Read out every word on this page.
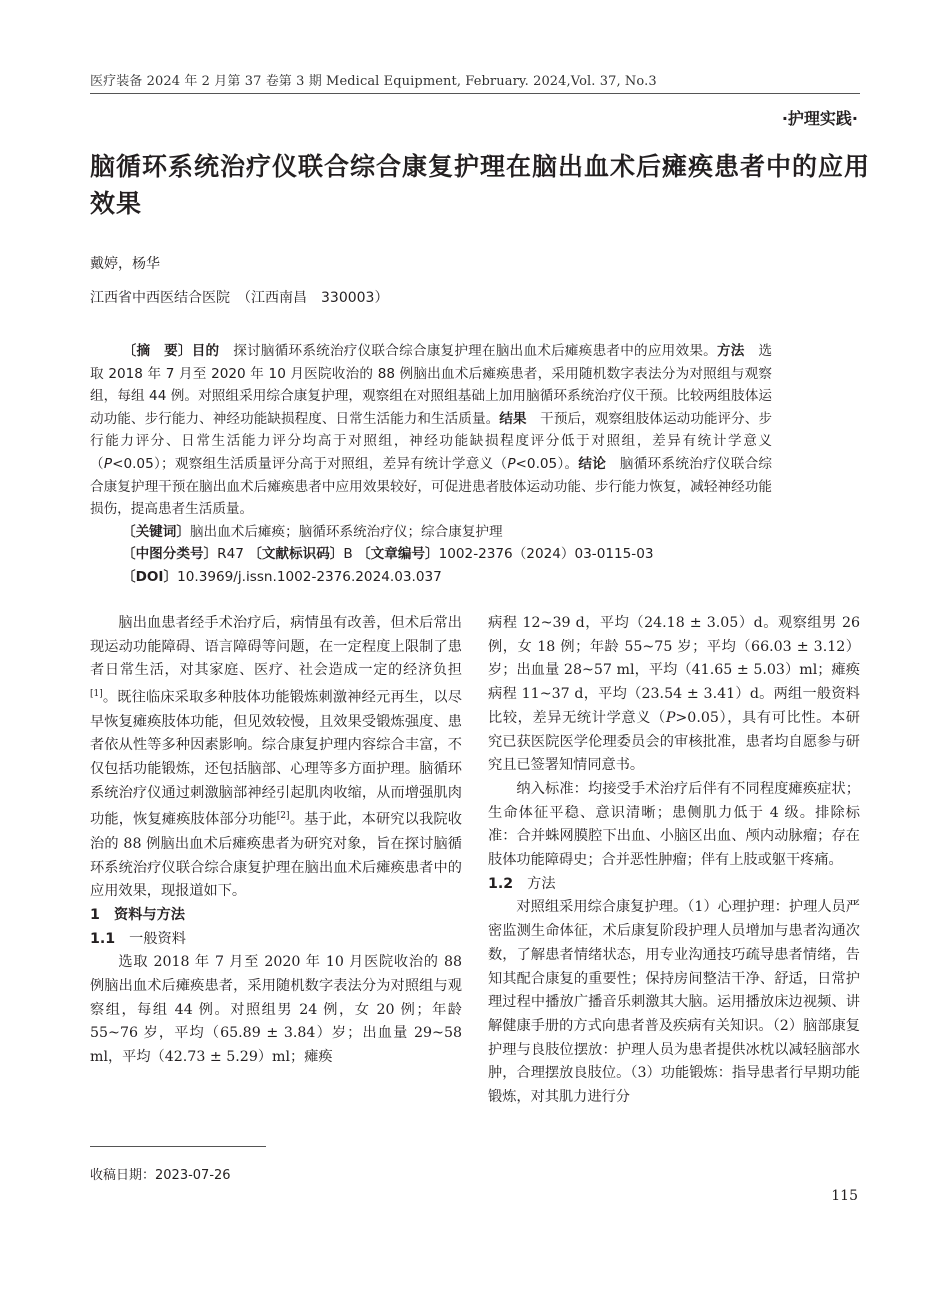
医疗装备 2024 年 2 月第 37 卷第 3 期 Medical Equipment, February. 2024,Vol. 37, No.3
·护理实践·
脑循环系统治疗仪联合综合康复护理在脑出血术后瘫痪患者中的应用效果
戴婷，杨华
江西省中西医结合医院　（江西南昌　330003）

〔摘　要〕目的　探讨脑循环系统治疗仪联合综合康复护理在脑出血术后瘫痪患者中的应用效果。方法　选取 2018 年 7 月至 2020 年 10 月医院收治的 88 例脑出血术后瘫痪患者，采用随机数字表法分为对照组与观察组，每组 44 例。对照组采用综合康复护理，观察组在对照组基础上加用脑循环系统治疗仪干预。比较两组肢体运动功能、步行能力、神经功能缺损程度、日常生活能力和生活质量。结果　干预后，观察组肢体运动功能评分、步行能力评分、日常生活能力评分均高于对照组，神经功能缺损程度评分低于对照组，差异有统计学意义（P<0.05）；观察组生活质量评分高于对照组，差异有统计学意义（P<0.05）。结论　脑循环系统治疗仪联合综合康复护理干预在脑出血术后瘫痪患者中应用效果较好，可促进患者肢体运动功能、步行能力恢复，减轻神经功能损伤，提高患者生活质量。

〔关键词〕脑出血术后瘫痪；脑循环系统治疗仪；综合康复护理

〔中图分类号〕R47 〔文献标识码〕B 〔文章编号〕1002-2376（2024）03-0115-03

〔DOI〕10.3969/j.issn.1002-2376.2024.03.037

脑出血患者经手术治疗后，病情虽有改善，但术后常出现运动功能障碍、语言障碍等问题，在一定程度上限制了患者日常生活，对其家庭、医疗、社会造成一定的经济负担[1]。既往临床采取多种肢体功能锻炼刺激神经元再生，以尽早恢复瘫痪肢体功能，但见效较慢，且效果受锻炼强度、患者依从性等多种因素影响。综合康复护理内容综合丰富，不仅包括功能锻炼，还包括脑部、心理等多方面护理。脑循环系统治疗仪通过刺激脑部神经引起肌肉收缩，从而增强肌肉功能，恢复瘫痪肢体部分功能[2]。基于此，本研究以我院收治的 88 例脑出血术后瘫痪患者为研究对象，旨在探讨脑循环系统治疗仪联合综合康复护理在脑出血术后瘫痪患者中的应用效果，现报道如下。

1　资料与方法

1.1 一般资料

选取 2018 年 7 月至 2020 年 10 月医院收治的 88 例脑出血术后瘫痪患者，采用随机数字表法分为对照组与观察组，每组 44 例。对照组男 24 例，女 20 例；年龄 55~76 岁，平均（65.89 ± 3.84）岁；出血量 29~58 ml，平均（42.73 ± 5.29）ml；瘫痪

病程 12~39 d，平均（24.18 ± 3.05）d。观察组男 26 例，女 18 例；年龄 55~75 岁；平均（66.03 ± 3.12）岁；出血量 28~57 ml，平均（41.65 ± 5.03）ml；瘫痪病程 11~37 d，平均（23.54 ± 3.41）d。两组一般资料比较，差异无统计学意义（P>0.05），具有可比性。本研究已获医院医学伦理委员会的审核批准，患者均自愿参与研究且已签署知情同意书。

纳入标准：均接受手术治疗后伴有不同程度瘫痪症状；生命体征平稳、意识清晰；患侧肌力低于 4 级。排除标准：合并蛛网膜腔下出血、小脑区出血、颅内动脉瘤；存在肢体功能障碍史；合并恶性肿瘤；伴有上肢或躯干疼痛。

1.2 方法

对照组采用综合康复护理。（1）心理护理：护理人员严密监测生命体征，术后康复阶段护理人员增加与患者沟通次数，了解患者情绪状态，用专业沟通技巧疏导患者情绪，告知其配合康复的重要性；保持房间整洁干净、舒适，日常护理过程中播放广播音乐刺激其大脑。运用播放床边视频、讲解健康手册的方式向患者普及疾病有关知识。（2）脑部康复护理与良肢位摆放：护理人员为患者提供冰枕以减轻脑部水肿，合理摆放良肢位。（3）功能锻炼：指导患者行早期功能锻炼，对其肌力进行分

收稿日期：2023-07-26
115
